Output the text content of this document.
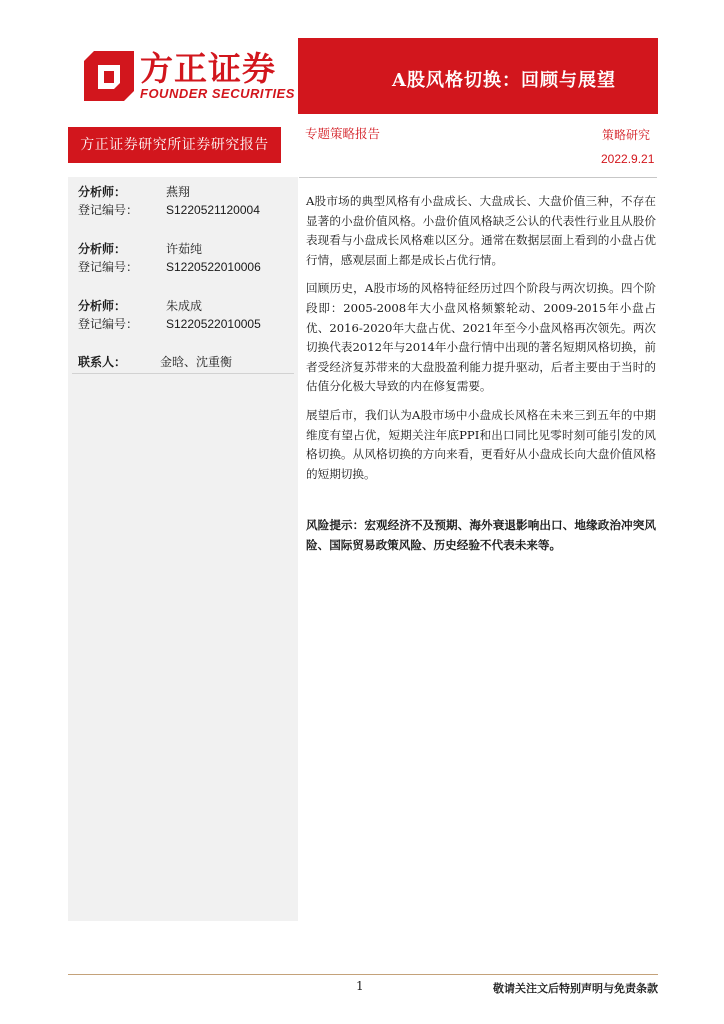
方正证券
FOUNDER SECURITIES
A股风格切换：回顾与展望
方正证券研究所证券研究报告
分析师：	燕翔
登记编号： S1220521120004
分析师：	许茹纯
登记编号： S1220522010006
分析师：	朱成成
登记编号： S1220522010005
联系人：	金晗、沈重衡
专题策略报告	策略研究
2022.9.21

A股市场的典型风格有小盘成长、大盘成长、大盘价值三种，不存在显著的小盘价值风格。小盘价值风格缺乏公认的代表性行业且从股价表现看与小盘成长风格难以区分。通常在数据层面上看到的小盘占优行情，感观层面上都是成长占优行情。

回顾历史，A股市场的风格特征经历过四个阶段与两次切换。四个阶段即：2005-2008年大小盘风格频繁轮动、2009-2015年小盘占优、2016-2020年大盘占优、2021年至今小盘风格再次领先。两次切换代表2012年与2014年小盘行情中出现的著名短期风格切换，前者受经济复苏带来的大盘股盈利能力提升驱动，后者主要由于当时的估值分化极大导致的内在修复需要。

展望后市，我们认为A股市场中小盘成长风格在未来三到五年的中期维度有望占优，短期关注年底PPI和出口同比见零时刻可能引发的风格切换。从风格切换的方向来看，更看好从小盘成长向大盘价值风格的短期切换。

风险提示：宏观经济不及预期、海外衰退影响出口、地缘政治冲突风险、国际贸易政策风险、历史经验不代表未来等。
1	敬请关注文后特别声明与免责条款
